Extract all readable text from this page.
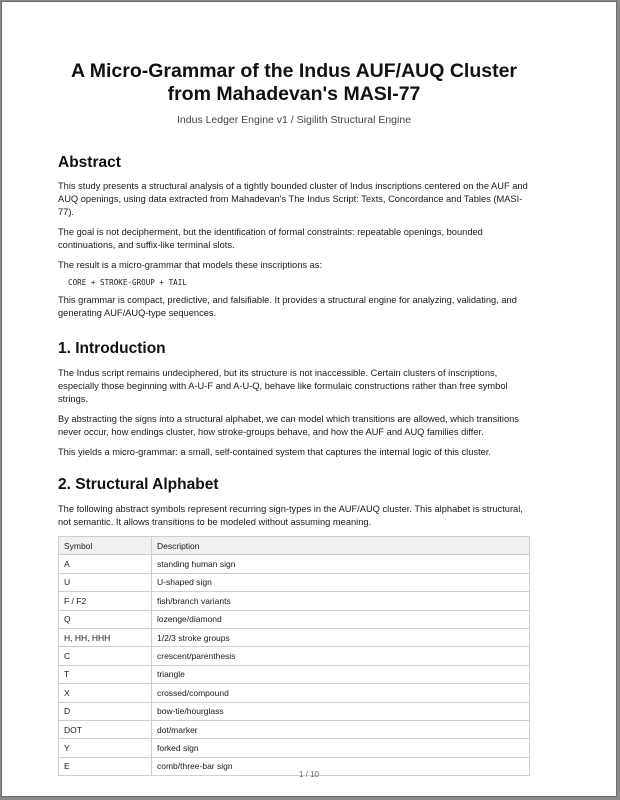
A Micro-Grammar of the Indus AUF/AUQ Cluster
from Mahadevan's MASI-77
Indus Ledger Engine v1 / Sigilith Structural Engine
Abstract

This study presents a structural analysis of a tightly bounded cluster of Indus inscriptions centered on the AUF and AUQ openings, using data extracted from Mahadevan's The Indus Script: Texts, Concordance and Tables (MASI-77).

The goal is not decipherment, but the identification of formal constraints: repeatable openings, bounded continuations, and suffix-like terminal slots.

The result is a micro-grammar that models these inscriptions as:

CORE + STROKE-GROUP + TAIL

This grammar is compact, predictive, and falsifiable. It provides a structural engine for analyzing, validating, and generating AUF/AUQ-type sequences.

1. Introduction

The Indus script remains undeciphered, but its structure is not inaccessible. Certain clusters of inscriptions, especially those beginning with A-U-F and A-U-Q, behave like formulaic constructions rather than free symbol strings.

By abstracting the signs into a structural alphabet, we can model which transitions are allowed, which transitions never occur, how endings cluster, how stroke-groups behave, and how the AUF and AUQ families differ.

This yields a micro-grammar: a small, self-contained system that captures the internal logic of this cluster.

2. Structural Alphabet

The following abstract symbols represent recurring sign-types in the AUF/AUQ cluster. This alphabet is structural, not semantic. It allows transitions to be modeled without assuming meaning.

Symbol	Description
A	standing human sign
U	U-shaped sign
F / F2	fish/branch variants
Q	lozenge/diamond
H, HH, HHH	1/2/3 stroke groups
C	crescent/parenthesis
T	triangle
X	crossed/compound
D	bow-tie/hourglass
DOT	dot/marker
Y	forked sign
E	comb/three-bar sign
1 / 10
